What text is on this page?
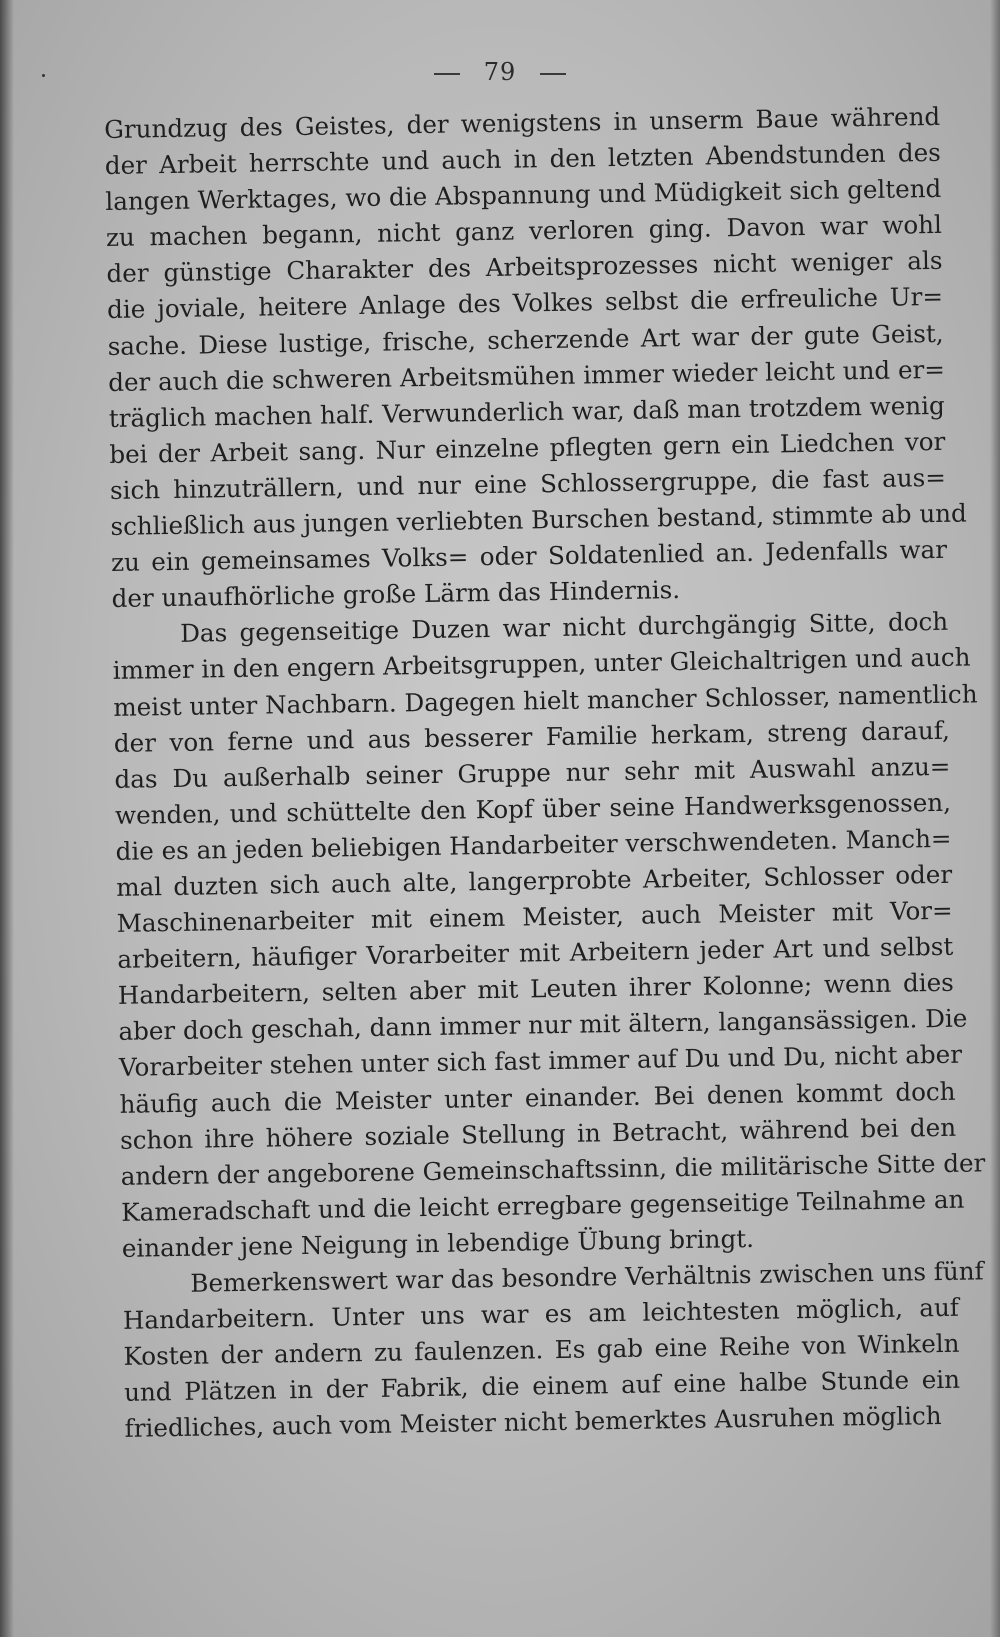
79
Grundzug des Geistes, der wenigstens in unserm Baue während
der Arbeit herrschte und auch in den letzten Abendstunden des
langen Werktages, wo die Abspannung und Müdigkeit sich geltend
zu machen begann, nicht ganz verloren ging. Davon war wohl
der günstige Charakter des Arbeitsprozesses nicht weniger als
die joviale, heitere Anlage des Volkes selbst die erfreuliche Ur=
sache. Diese lustige, frische, scherzende Art war der gute Geist,
der auch die schweren Arbeitsmühen immer wieder leicht und er=
träglich machen half. Verwunderlich war, daß man trotzdem wenig
bei der Arbeit sang. Nur einzelne pflegten gern ein Liedchen vor
sich hinzuträllern, und nur eine Schlossergruppe, die fast aus=
schließlich aus jungen verliebten Burschen bestand, stimmte ab und
zu ein gemeinsames Volks= oder Soldatenlied an. Jedenfalls war
der unaufhörliche große Lärm das Hindernis.
Das gegenseitige Duzen war nicht durchgängig Sitte, doch
immer in den engern Arbeitsgruppen, unter Gleichaltrigen und auch
meist unter Nachbarn. Dagegen hielt mancher Schlosser, namentlich
der von ferne und aus besserer Familie herkam, streng darauf,
das Du außerhalb seiner Gruppe nur sehr mit Auswahl anzu=
wenden, und schüttelte den Kopf über seine Handwerksgenossen,
die es an jeden beliebigen Handarbeiter verschwendeten. Manch=
mal duzten sich auch alte, langerprobte Arbeiter, Schlosser oder
Maschinenarbeiter mit einem Meister, auch Meister mit Vor=
arbeitern, häufiger Vorarbeiter mit Arbeitern jeder Art und selbst
Handarbeitern, selten aber mit Leuten ihrer Kolonne; wenn dies
aber doch geschah, dann immer nur mit ältern, langansässigen. Die
Vorarbeiter stehen unter sich fast immer auf Du und Du, nicht aber
häufig auch die Meister unter einander. Bei denen kommt doch
schon ihre höhere soziale Stellung in Betracht, während bei den
andern der angeborene Gemeinschaftssinn, die militärische Sitte der
Kameradschaft und die leicht erregbare gegenseitige Teilnahme an
einander jene Neigung in lebendige Übung bringt.
Bemerkenswert war das besondre Verhältnis zwischen uns fünf
Handarbeitern. Unter uns war es am leichtesten möglich, auf
Kosten der andern zu faulenzen. Es gab eine Reihe von Winkeln
und Plätzen in der Fabrik, die einem auf eine halbe Stunde ein
friedliches, auch vom Meister nicht bemerktes Ausruhen möglich
